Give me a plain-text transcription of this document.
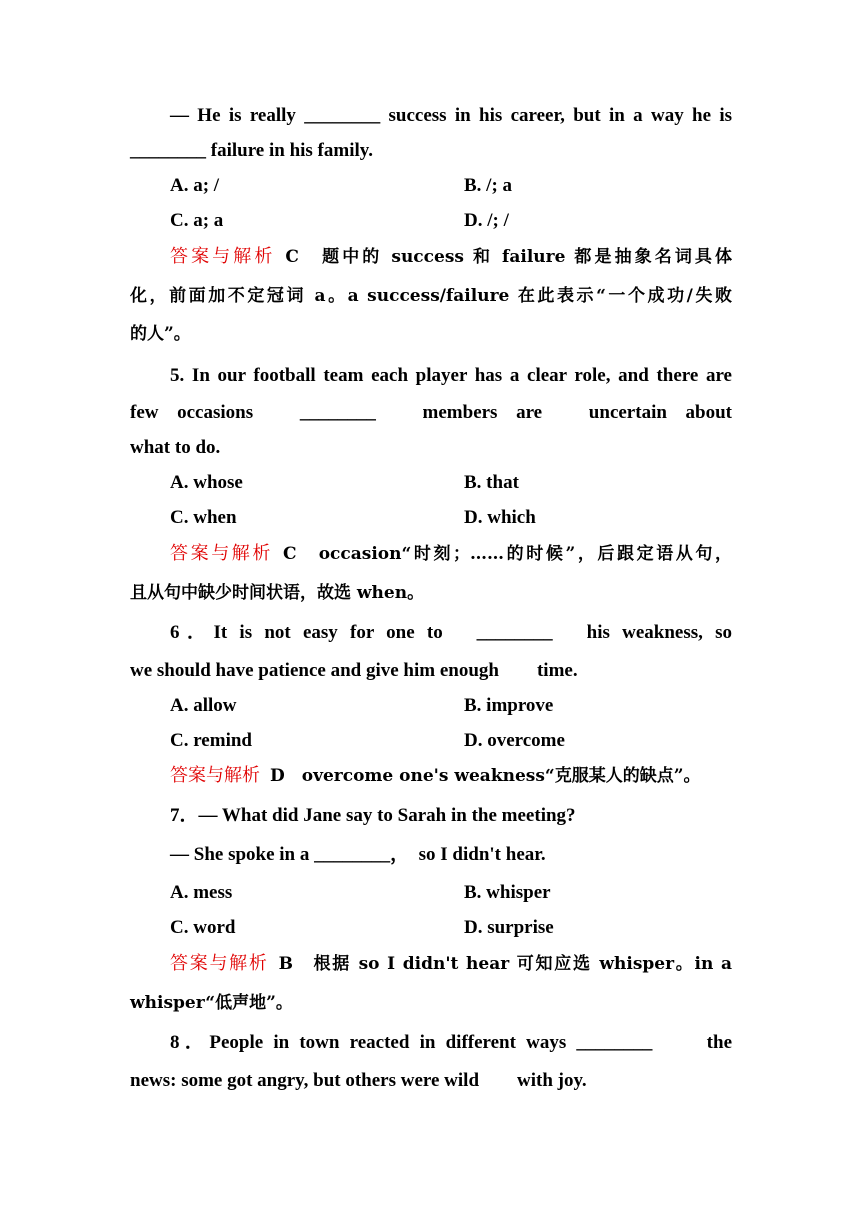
— He is really ________ success in his career, but in a way he is
________ failure in his family.
A. a; /	B. /; a
C. a; a	D. /; /
答案与解析 C　题中的 success 和 failure 都是抽象名词具体
化，前面加不定冠词 a。a success/failure 在此表示“一个成功/失败
的人”。
5. In our football team each player has a clear role, and there are
few occasions　________　members are　uncertain about
what to do.
A. whose	B. that
C. when	D. which
答案与解析 C　occasion“时刻；……的时候”，后跟定语从句，
且从句中缺少时间状语，故选 when。
6．It is not easy for one to　________　his weakness, so
we should have patience and give him enough　　time.
A. allow	B. improve
C. remind	D. overcome
答案与解析 D　overcome one's weakness“克服某人的缺点”。
7．— What did Jane say to Sarah in the meeting?
— She spoke in a ________，　so I didn't hear.
A. mess	B. whisper
C. word	D. surprise
答案与解析 B　根据 so I didn't hear 可知应选 whisper。in a
whisper“低声地”。
8．People in town reacted in different ways ________　　the
news: some got angry, but others were wild　　with joy.
